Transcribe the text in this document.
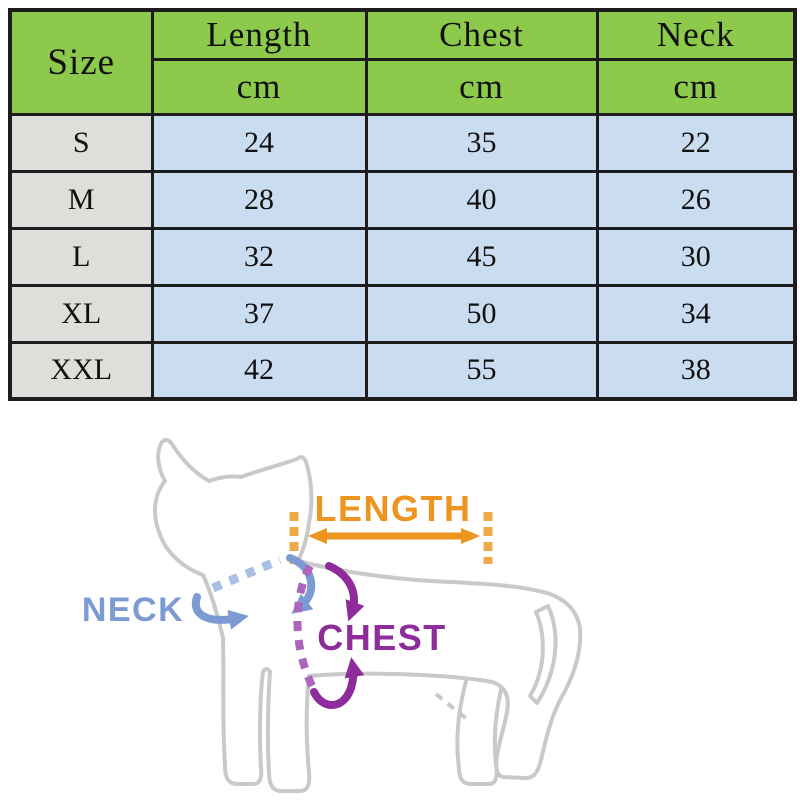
Size	Length	Chest	Neck
	cm	cm	cm
S	24	35	22
M	28	40	26
L	32	45	30
XL	37	50	34
XXL	42	55	38
LENGTH
NECK
CHEST
